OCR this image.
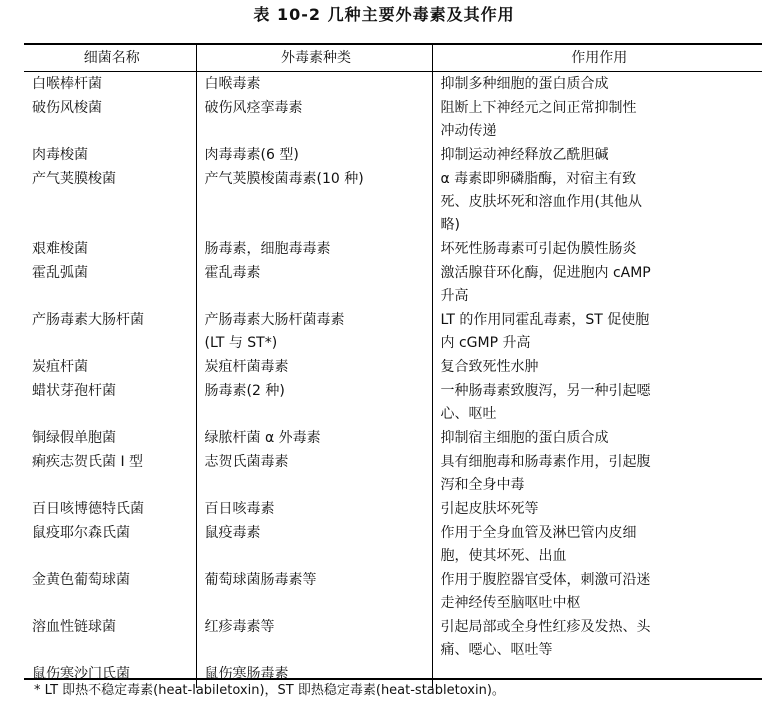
表 10-2 几种主要外毒素及其作用
细菌名称	外毒素种类	作用作用
白喉棒杆菌	白喉毒素	抑制多种细胞的蛋白质合成

破伤风梭菌	破伤风痉挛毒素	阻断上下神经元之间正常抑制性
冲动传递

肉毒梭菌	肉毒毒素(6 型)	抑制运动神经释放乙酰胆碱

产气荚膜梭菌	产气荚膜梭菌毒素(10 种)	α 毒素即卵磷脂酶，对宿主有致
死、皮肤坏死和溶血作用(其他从
略)

艰难梭菌	肠毒素，细胞毒毒素	坏死性肠毒素可引起伪膜性肠炎

霍乱弧菌	霍乱毒素	激活腺苷环化酶，促进胞内 cAMP
升高

产肠毒素大肠杆菌	产肠毒素大肠杆菌毒素
(LT 与 ST*)	LT 的作用同霍乱毒素，ST 促使胞
内 cGMP 升高

炭疽杆菌	炭疽杆菌毒素	复合致死性水肿

蜡状芽孢杆菌	肠毒素(2 种)	一种肠毒素致腹泻，另一种引起噁
心、呕吐

铜绿假单胞菌	绿脓杆菌 α 外毒素	抑制宿主细胞的蛋白质合成

痢疾志贺氏菌 I 型	志贺氏菌毒素	具有细胞毒和肠毒素作用，引起腹
泻和全身中毒

百日咳博德特氏菌	百日咳毒素	引起皮肤坏死等

鼠疫耶尔森氏菌	鼠疫毒素	作用于全身血管及淋巴管内皮细
胞，使其坏死、出血

金黄色葡萄球菌	葡萄球菌肠毒素等	作用于腹腔器官受体，刺激可沿迷
走神经传至脑呕吐中枢

溶血性链球菌	红疹毒素等	引起局部或全身性红疹及发热、头
痛、噁心、呕吐等

鼠伤寒沙门氏菌	鼠伤寒肠毒素	

* LT 即热不稳定毒素(heat-labiletoxin)，ST 即热稳定毒素(heat-stabletoxin)。
